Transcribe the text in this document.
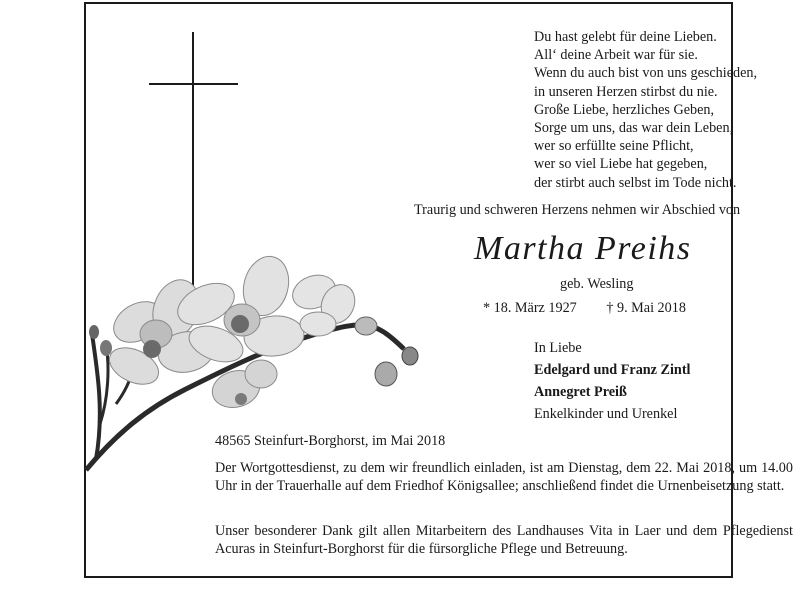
Du hast gelebt für deine Lieben.
All‘ deine Arbeit war für sie.
Wenn du auch bist von uns geschieden,
in unseren Herzen stirbst du nie.
Große Liebe, herzliches Geben,
Sorge um uns, das war dein Leben,
wer so erfüllte seine Pflicht,
wer so viel Liebe hat gegeben,
der stirbt auch selbst im Tode nicht.
Traurig und schweren Herzens nehmen wir Abschied von
Martha Preihs
geb. Wesling
* 18. März 1927 † 9. Mai 2018
In Liebe
Edelgard und Franz Zintl
Annegret Preiß
Enkelkinder und Urenkel
48565 Steinfurt-Borghorst, im Mai 2018
Der Wortgottesdienst, zu dem wir freundlich einladen, ist am Dienstag, dem 22. Mai 2018, um 14.00 Uhr in der Trauerhalle auf dem Friedhof Königsallee; anschließend findet die Urnenbeisetzung statt.
Unser besonderer Dank gilt allen Mitarbeitern des Landhauses Vita in Laer und dem Pflegedienst Acuras in Steinfurt-Borghorst für die fürsorgliche Pflege und Betreuung.
